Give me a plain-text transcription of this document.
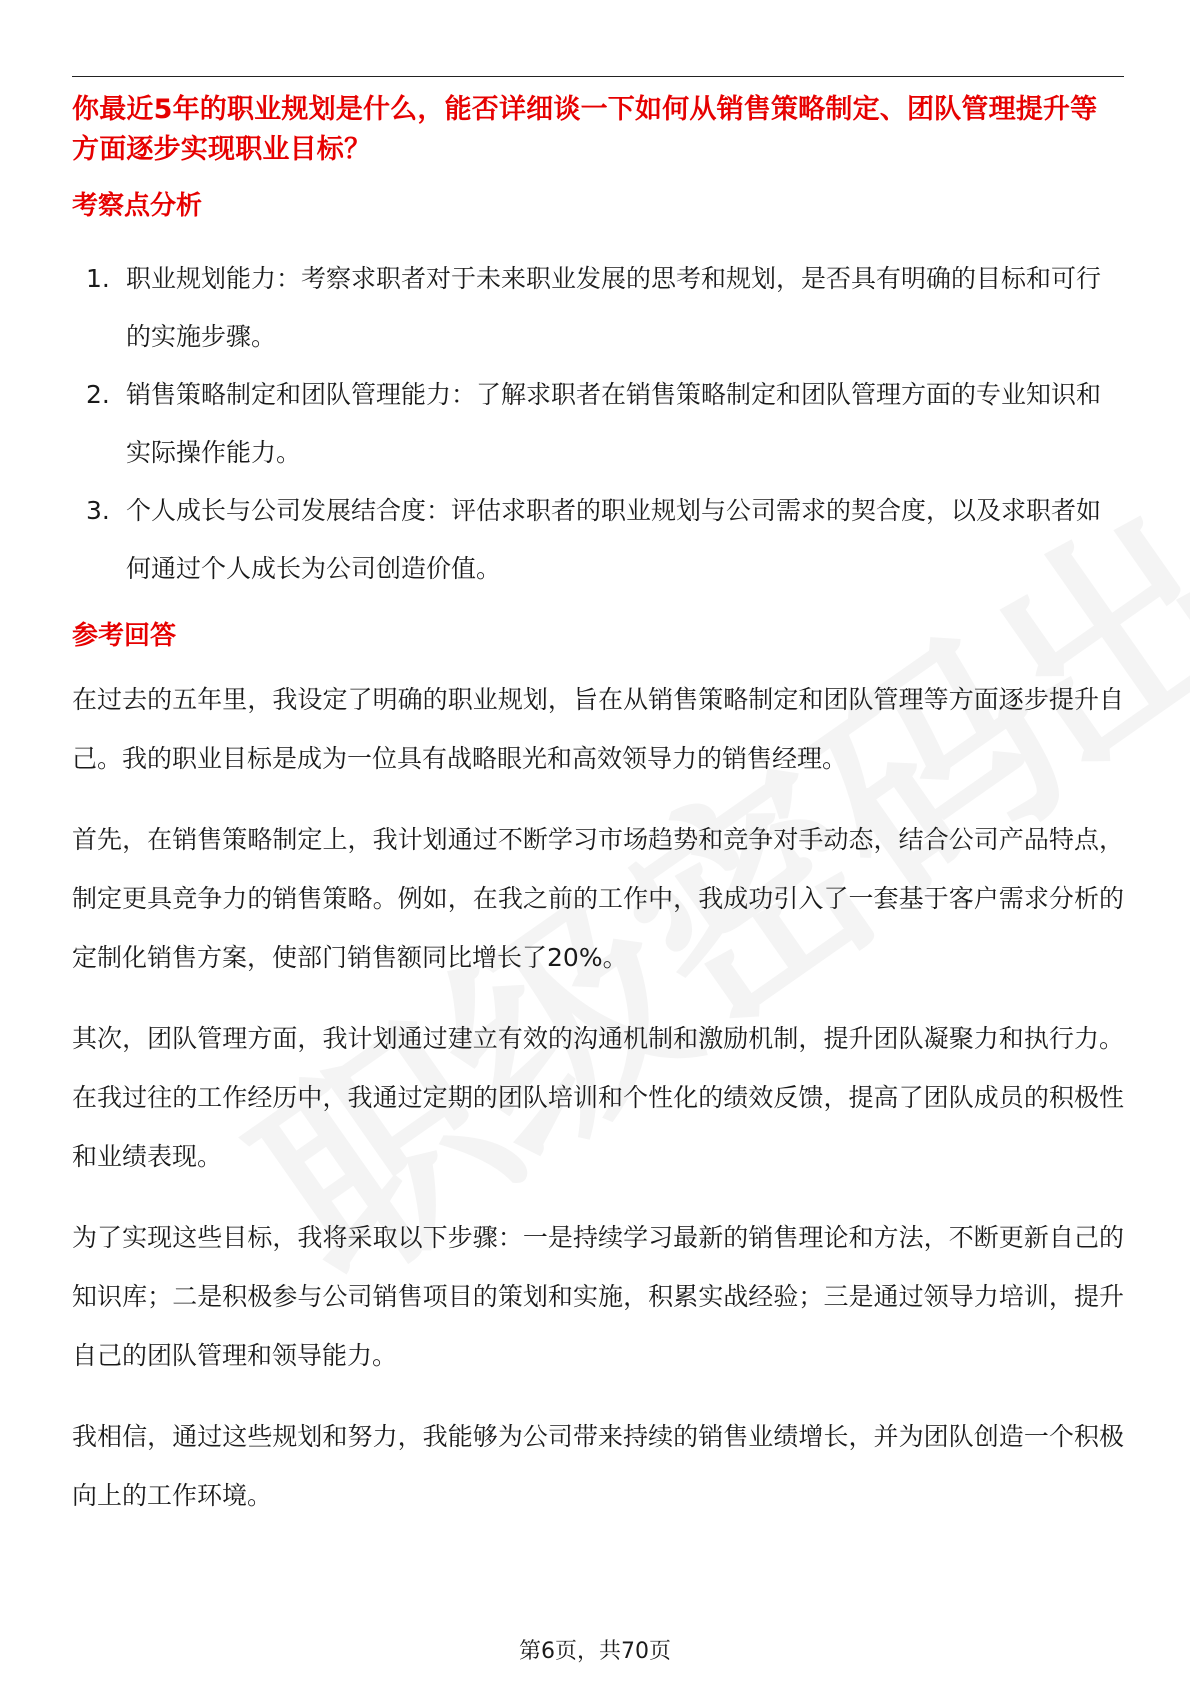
你最近5年的职业规划是什么，能否详细谈一下如何从销售策略制定、团队管理提升等方面逐步实现职业目标？
考察点分析
1. 职业规划能力：考察求职者对于未来职业发展的思考和规划，是否具有明确的目标和可行的实施步骤。
2. 销售策略制定和团队管理能力：了解求职者在销售策略制定和团队管理方面的专业知识和实际操作能力。
3. 个人成长与公司发展结合度：评估求职者的职业规划与公司需求的契合度，以及求职者如何通过个人成长为公司创造价值。
参考回答

在过去的五年里，我设定了明确的职业规划，旨在从销售策略制定和团队管理等方面逐步提升自己。我的职业目标是成为一位具有战略眼光和高效领导力的销售经理。

首先，在销售策略制定上，我计划通过不断学习市场趋势和竞争对手动态，结合公司产品特点，制定更具竞争力的销售策略。例如，在我之前的工作中，我成功引入了一套基于客户需求分析的定制化销售方案，使部门销售额同比增长了20%。

其次，团队管理方面，我计划通过建立有效的沟通机制和激励机制，提升团队凝聚力和执行力。在我过往的工作经历中，我通过定期的团队培训和个性化的绩效反馈，提高了团队成员的积极性和业绩表现。

为了实现这些目标，我将采取以下步骤：一是持续学习最新的销售理论和方法，不断更新自己的知识库；二是积极参与公司销售项目的策划和实施，积累实战经验；三是通过领导力培训，提升自己的团队管理和领导能力。

我相信，通过这些规划和努力，我能够为公司带来持续的销售业绩增长，并为团队创造一个积极向上的工作环境。

第6页，共70页
